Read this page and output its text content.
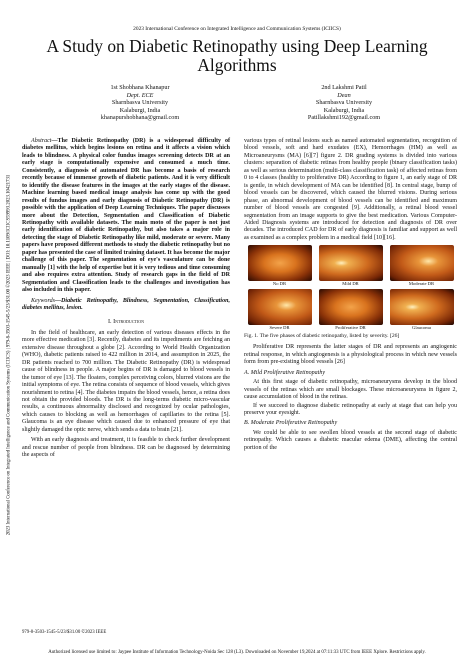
2023 International Conference on Integrated Intelligence and Communication Systems (ICIICS)
A Study on Diabetic Retinopathy using Deep Learning Algorithms
2023 International Conference on Integrated Intelligence and Communication Systems (ICIICS) | 979-8-3503-1545-5/23/$31.00 ©2023 IEEE | DOI: 10.1109/ICIICS59993.2023.10421731
1st Shobhana Khanapur
Dept. ECE
Sharnbasva University
Kalaburgi, India
khanapurshobhana@gmail.com
2nd Lakshmi Patil
Dean
Sharnbasva University
Kalaburgi, India
Patillakshmi192@gmail.com

Abstract—The Diabetic Retinopathy (DR) is a widespread difficulty of diabetes mellitus, which begins lesions on retina and it affects a vision which leads to blindness. A physical color fundus images screening detects DR at an early stage is computationally expensive and consumed a much time. Consistently, a diagnosis of automated DR has become a basis of research recently because of immense growth of diabetic patients. And it is very difficult to identify the disease features in the images at the early stages of the disease. Machine learning based medical image analysis has come up with the good results of fundus images and early diagnosis of Diabetic Retinopathy (DR) is possible with the application of Deep Learning Techniques. The paper discusses more about the Detection, Segmentation and Classification of Diabetic Retinopathy with available datasets. The main moto of the paper is not just early identification of diabetic Retinopathy, but also takes a major role in detecting the stage of Diabetic Retinopathy like mild, moderate or severe. Many papers have proposed different methods to study the diabetic retinopathy but no paper has presented the case of limited training dataset. It has become the major challenge of this paper. The segmentation of eye's vasculature can be done manually [1] with the help of expertise but it is very tedious and time consuming and also requires extra attention. Study of research gaps in the field of DR Segmentation and Classification leads to the challenges and investigation has also included in this paper.

Keywords—Diabetic Retinopathy, Blindness, Segmentation, Classification, diabetes mellitus, lesion.

I. Introduction

In the field of healthcare, an early detection of various diseases effects in the more effective medication [3]. Recently, diabetes and its impediments are fetching an extensive disease throughout a globe [2]. According to World Health Organization (WHO), diabetic patients raised to 422 million in 2014, and assumption in 2025, the DR patients reached to 700 million. The Diabetic Retinopathy (DR) is widespread cause of blindness in people. A major begins of DR is damaged to blood vessels in the tumor of eye [13]. The floaters, complex perceiving colors, blurred visions are the initial symptoms of eye. The retina consists of sequence of blood vessels, which gives nourishment to retina [4]. The diabetes impairs the blood vessels, hence, a retina does not obtain the provided bloods. The DR is the long-terms diabetic micro-vascular results, a continuous abnormality disclosed and recognized by ocular pathologies, which causes to blocking as well as hemorrhages of capillaries to the retina [5]. Glaucoma is an eye disease which caused due to enhanced pressure of eye that slightly damaged the optic nerve, which sends a data to brain [21].

With an early diagnosis and treatment, it is feasible to check further development and rescue number of people from blindness. DR can be diagnosed by determining the aspects of

various types of retinal lesions such as named automated segmentation, recognition of blood vessels, soft and hard exudates (EX), Hemorrhages (HM) as well as Microaneurysms (MA) [6][7] figure 2. DR grading systems is divided into various clusters: separation of diabetic retinas from healthy people (binary classification tasks) as well as serious determination (multi-class classification task) of affected retinas from 0 to 4 classes (healthy to proliferative DR) According to figure 1, an early stage of DR is gentle, in which development of MA can be identified [8]. In central stage, bump of blood vessels can be discovered, which caused the blurred visions. During serious phase, an abnormal development of blood vessels can be identified and maximum number of blood vessels are congested [9]. Additionally, a retinal blood vessel segmentation from an image supports to give the best medication. Various Computer-Aided Diagnosis systems are introduced for detection and diagnosis of DR over decades. The introduced CAD for DR of early diagnosis is familiar and support as well as examined as a complex problem in a medical field [10][16].

No DR	Mild DR	Moderate DR
Severe DR	Proliferative DR	Glaucoma

Fig. 1. The five phases of diabetic retinopathy, listed by severity. [26]

Proliferative DR represents the latter stages of DR and represents an angiogenic retinal response, in which angiogenesis is a physiological process in which new vessels form from pre-existing blood vessels [26]

A. Mild Proliferative Retinopathy

At this first stage of diabetic retinopathy, microaneurysms develop in the blood vessels of the retinas which are small blockages. These microaneurysms in figure 2, cause accumulation of blood in the retinas.

If we succeed to diagnose diabetic retinopathy at early at stage that can help you preserve your eyesight.

B. Moderate Proliferative Retinopathy

We could be able to see swollen blood vessels at the second stage of diabetic retinopathy. Which causes a diabetic macular edema (DME), affecting the central portion of the

979-8-3503-1545-5/23/$31.00 ©2023 IEEE
Authorized licensed use limited to: Jaypee Institute of Information Technology-Noida Sec 128 (L3). Downloaded on November 19,2024 at 07:11:33 UTC from IEEE Xplore. Restrictions apply.
